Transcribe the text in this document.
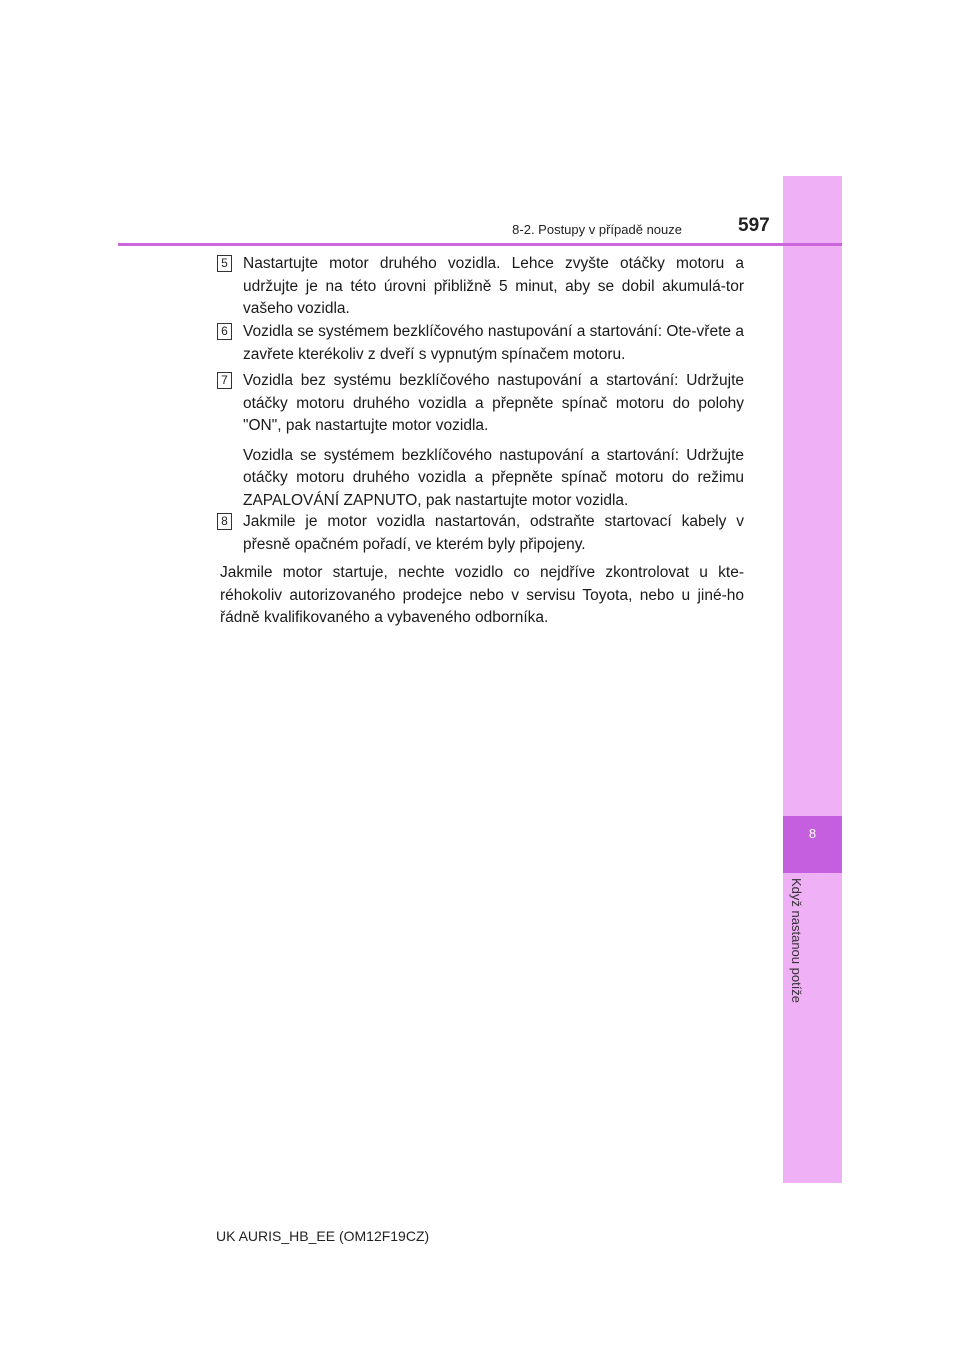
8
Když nastanou potíže
8-2. Postupy v případě nouze	597
5 Nastartujte motor druhého vozidla. Lehce zvyšte otáčky motoru a udržujte je na této úrovni přibližně 5 minut, aby se dobil akumulá-tor vašeho vozidla.

6 Vozidla se systémem bezklíčového nastupování a startování: Ote-vřete a zavřete kterékoliv z dveří s vypnutým spínačem motoru.

7 Vozidla bez systému bezklíčového nastupování a startování: Udržujte otáčky motoru druhého vozidla a přepněte spínač motoru do polohy "ON", pak nastartujte motor vozidla.

Vozidla se systémem bezklíčového nastupování a startování: Udržujte otáčky motoru druhého vozidla a přepněte spínač motoru do režimu ZAPALOVÁNÍ ZAPNUTO, pak nastartujte motor vozidla.

8 Jakmile je motor vozidla nastartován, odstraňte startovací kabely v přesně opačném pořadí, ve kterém byly připojeny.

Jakmile motor startuje, nechte vozidlo co nejdříve zkontrolovat u kte-réhokoliv autorizovaného prodejce nebo v servisu Toyota, nebo u jiné-ho řádně kvalifikovaného a vybaveného odborníka.
UK AURIS_HB_EE (OM12F19CZ)
